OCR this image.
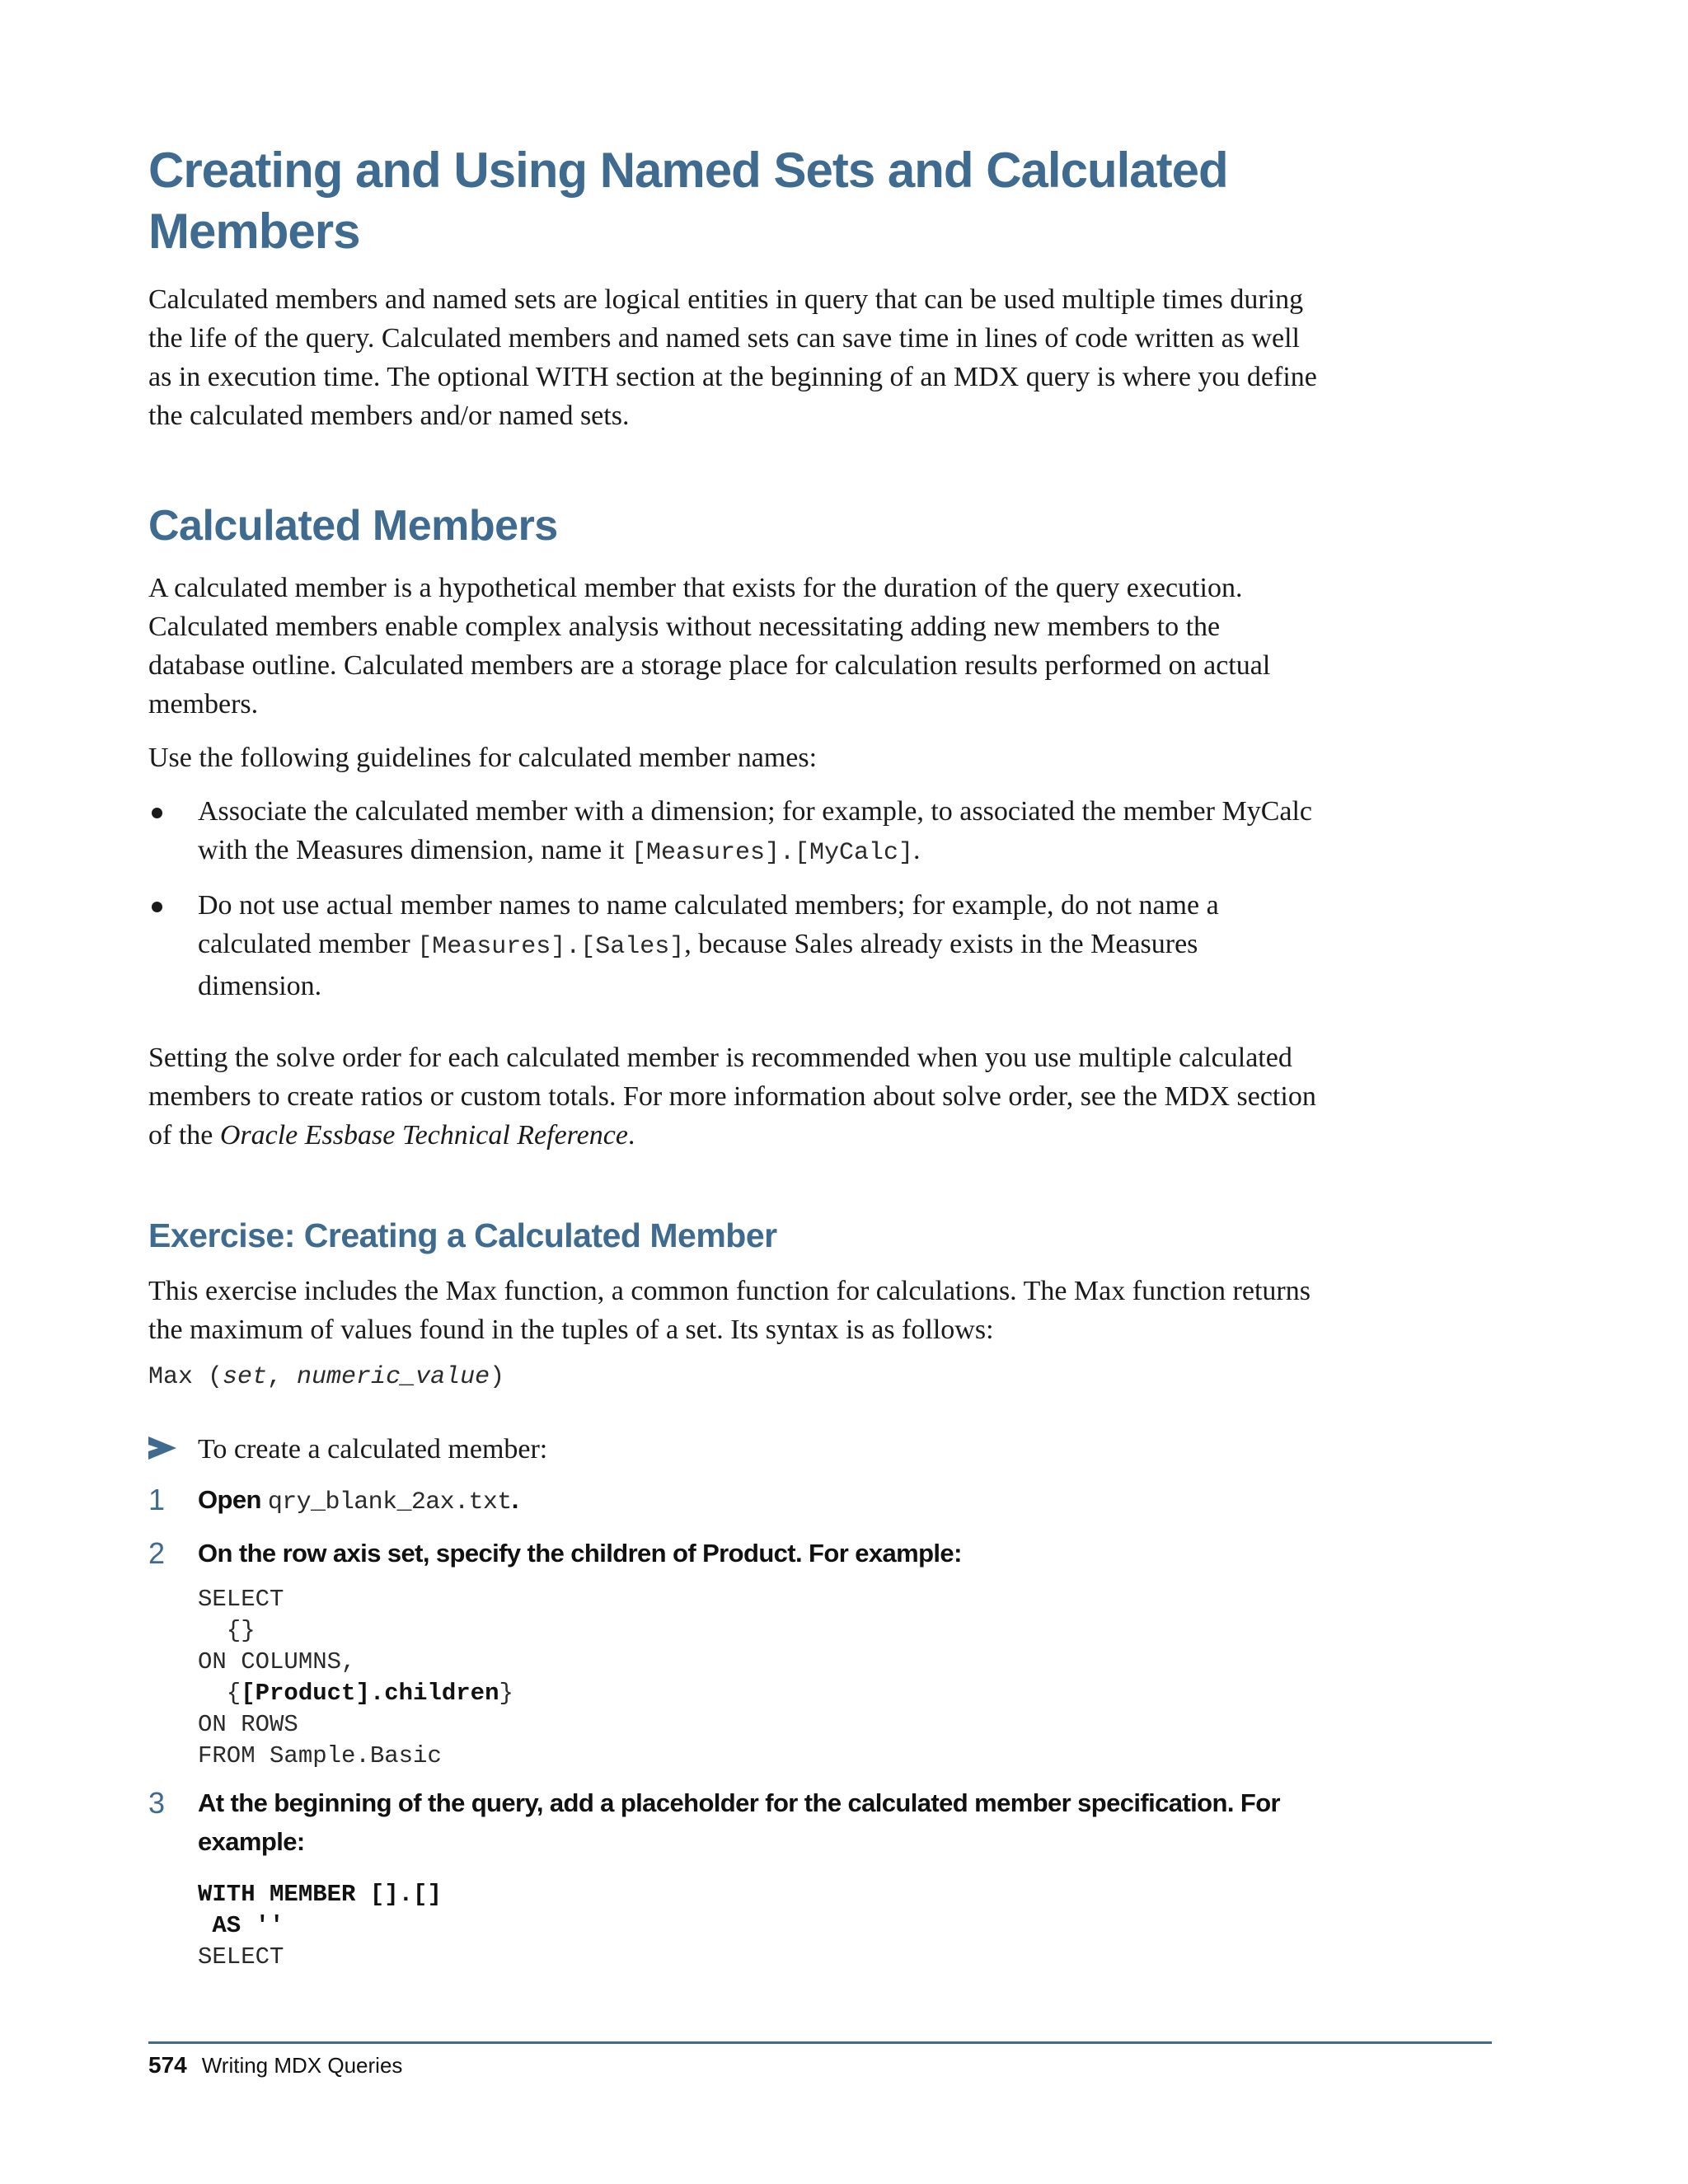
Creating and Using Named Sets and Calculated Members

Calculated members and named sets are logical entities in query that can be used multiple times during the life of the query. Calculated members and named sets can save time in lines of code written as well as in execution time. The optional WITH section at the beginning of an MDX query is where you define the calculated members and/or named sets.

Calculated Members

A calculated member is a hypothetical member that exists for the duration of the query execution. Calculated members enable complex analysis without necessitating adding new members to the database outline. Calculated members are a storage place for calculation results performed on actual members.

Use the following guidelines for calculated member names:

Associate the calculated member with a dimension; for example, to associated the member MyCalc with the Measures dimension, name it [Measures].[MyCalc].
Do not use actual member names to name calculated members; for example, do not name a calculated member [Measures].[Sales], because Sales already exists in the Measures dimension.

Setting the solve order for each calculated member is recommended when you use multiple calculated members to create ratios or custom totals. For more information about solve order, see the MDX section of the Oracle Essbase Technical Reference.

Exercise: Creating a Calculated Member

This exercise includes the Max function, a common function for calculations. The Max function returns the maximum of values found in the tuples of a set. Its syntax is as follows:

Max (set, numeric_value)
To create a calculated member:
1 Open qry_blank_2ax.txt.
2 On the row axis set, specify the children of Product. For example:
SELECT
{}
ON COLUMNS,
{[Product].children}
ON ROWS
FROM Sample.Basic
3 At the beginning of the query, add a placeholder for the calculated member specification. For example:
WITH MEMBER [].[]
AS ''
SELECT
574 Writing MDX Queries
